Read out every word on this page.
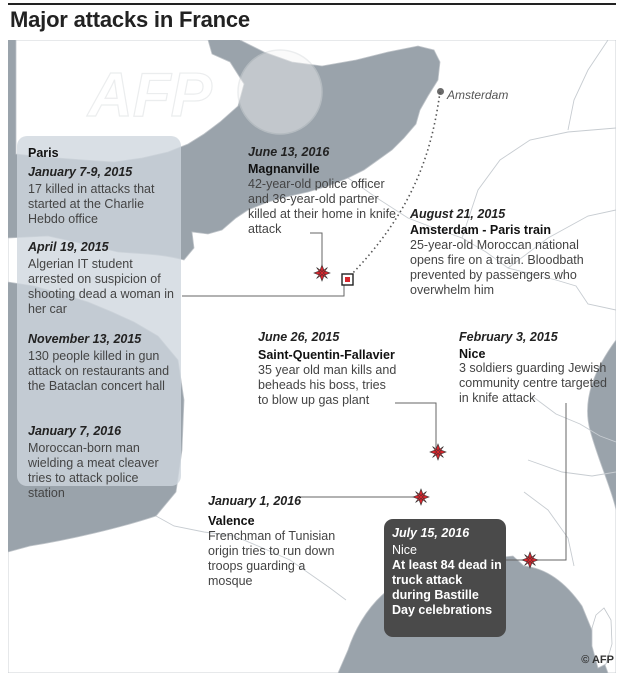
Major attacks in France
AFP	Amsterdam
Paris
January 7-9, 2015
17 killed in attacks that started at the Charlie Hebdo office
April 19, 2015
Algerian IT student arrested on suspicion of shooting dead a woman in her car
November 13, 2015
130 people killed in gun attack on restaurants and the Bataclan concert hall
January 7, 2016
Moroccan-born man wielding a meat cleaver tries to attack police station
June 13, 2016
Magnanville
42-year-old police officer and 36-year-old partner killed at their home in knife attack
August 21, 2015
Amsterdam - Paris train
25-year-old Moroccan national opens fire on a train. Bloodbath prevented by passengers who overwhelm him
June 26, 2015
Saint-Quentin-Fallavier
35 year old man kills and beheads his boss, tries to blow up gas plant
February 3, 2015
Nice
3 soldiers guarding Jewish community centre targeted in knife attack
January 1, 2016
Valence
Frenchman of Tunisian origin tries to run down troops guarding a mosque
July 15, 2016
Nice
At least 84 dead in truck attack during Bastille Day celebrations
© AFP
